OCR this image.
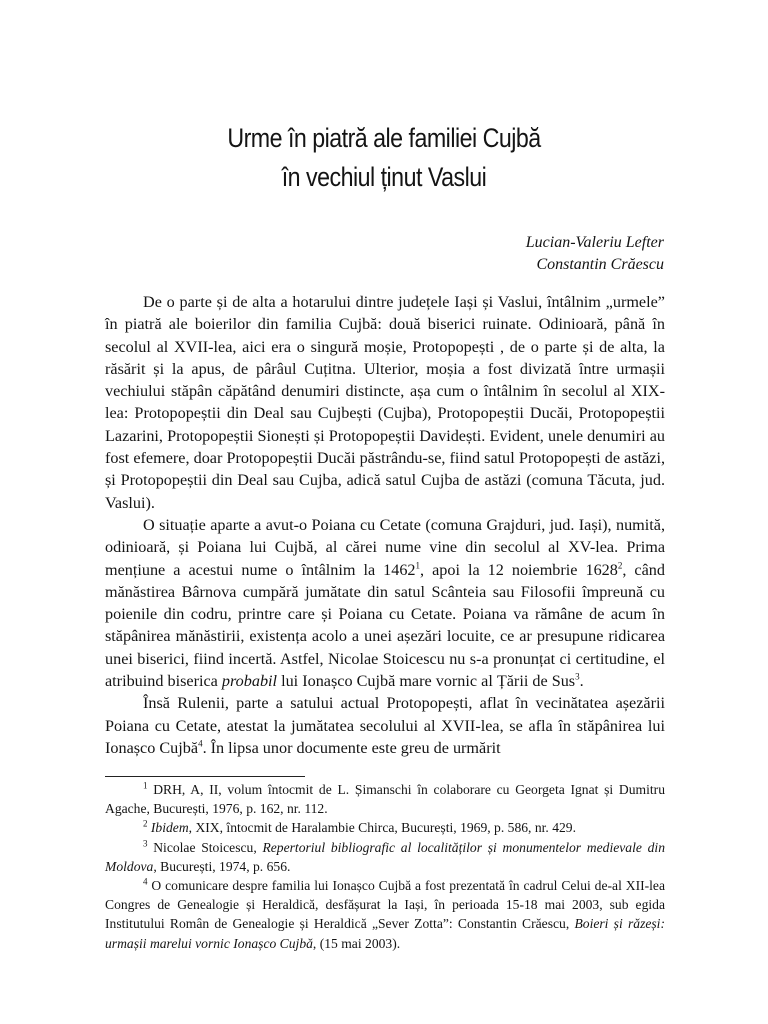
Urme în piatră ale familiei Cujbă
în vechiul ținut Vaslui
Lucian-Valeriu Lefter
Constantin Crăescu

De o parte și de alta a hotarului dintre județele Iași și Vaslui, întâlnim „urmele” în piatră ale boierilor din familia Cujbă: două biserici ruinate. Odinioară, până în secolul al XVII-lea, aici era o singură moșie, Protopopești , de o parte și de alta, la răsărit și la apus, de pârâul Cuțitna. Ulterior, moșia a fost divizată între urmașii vechiului stăpân căpătând denumiri distincte, așa cum o întâlnim în secolul al XIX-lea: Protopopeștii din Deal sau Cujbești (Cujba), Protopopeștii Ducăi, Protopopeștii Lazarini, Protopopeștii Sionești și Protopopeștii Davidești. Evident, unele denumiri au fost efemere, doar Protopopeștii Ducăi păstrându-se, fiind satul Protopopești de astăzi, și Protopopeștii din Deal sau Cujba, adică satul Cujba de astăzi (comuna Tăcuta, jud. Vaslui).

O situație aparte a avut-o Poiana cu Cetate (comuna Grajduri, jud. Iași), numită, odinioară, și Poiana lui Cujbă, al cărei nume vine din secolul al XV-lea. Prima mențiune a acestui nume o întâlnim la 1462$^1$, apoi la 12 noiembrie 1628$^2$, când mănăstirea Bârnova cumpără jumătate din satul Scânteia sau Filosofii împreună cu poienile din codru, printre care și Poiana cu Cetate. Poiana va rămâne de acum în stăpânirea mănăstirii, existența acolo a unei așezări locuite, ce ar presupune ridicarea unei biserici, fiind incertă. Astfel, Nicolae Stoicescu nu s-a pronunțat ci certitudine, el atribuind biserica probabil lui Ionașco Cujbă mare vornic al Țării de Sus$^3$.

Însă Rulenii, parte a satului actual Protopopești, aflat în vecinătatea așezării Poiana cu Cetate, atestat la jumătatea secolului al XVII-lea, se afla în stăpânirea lui Ionașco Cujbă$^4$. În lipsa unor documente este greu de urmărit

$^1$ DRH, A, II, volum întocmit de L. Șimanschi în colaborare cu Georgeta Ignat și Dumitru Agache, București, 1976, p. 162, nr. 112.

$^2$ Ibidem, XIX, întocmit de Haralambie Chirca, București, 1969, p. 586, nr. 429.

$^3$ Nicolae Stoicescu, Repertoriul bibliografic al localităților și monumentelor medievale din Moldova, București, 1974, p. 656.

$^4$ O comunicare despre familia lui Ionașco Cujbă a fost prezentată în cadrul Celui de-al XII-lea Congres de Genealogie și Heraldică, desfășurat la Iași, în perioada 15-18 mai 2003, sub egida Institutului Român de Genealogie și Heraldică „Sever Zotta”: Constantin Crăescu, Boieri și răzeși: urmașii marelui vornic Ionașco Cujbă, (15 mai 2003).
